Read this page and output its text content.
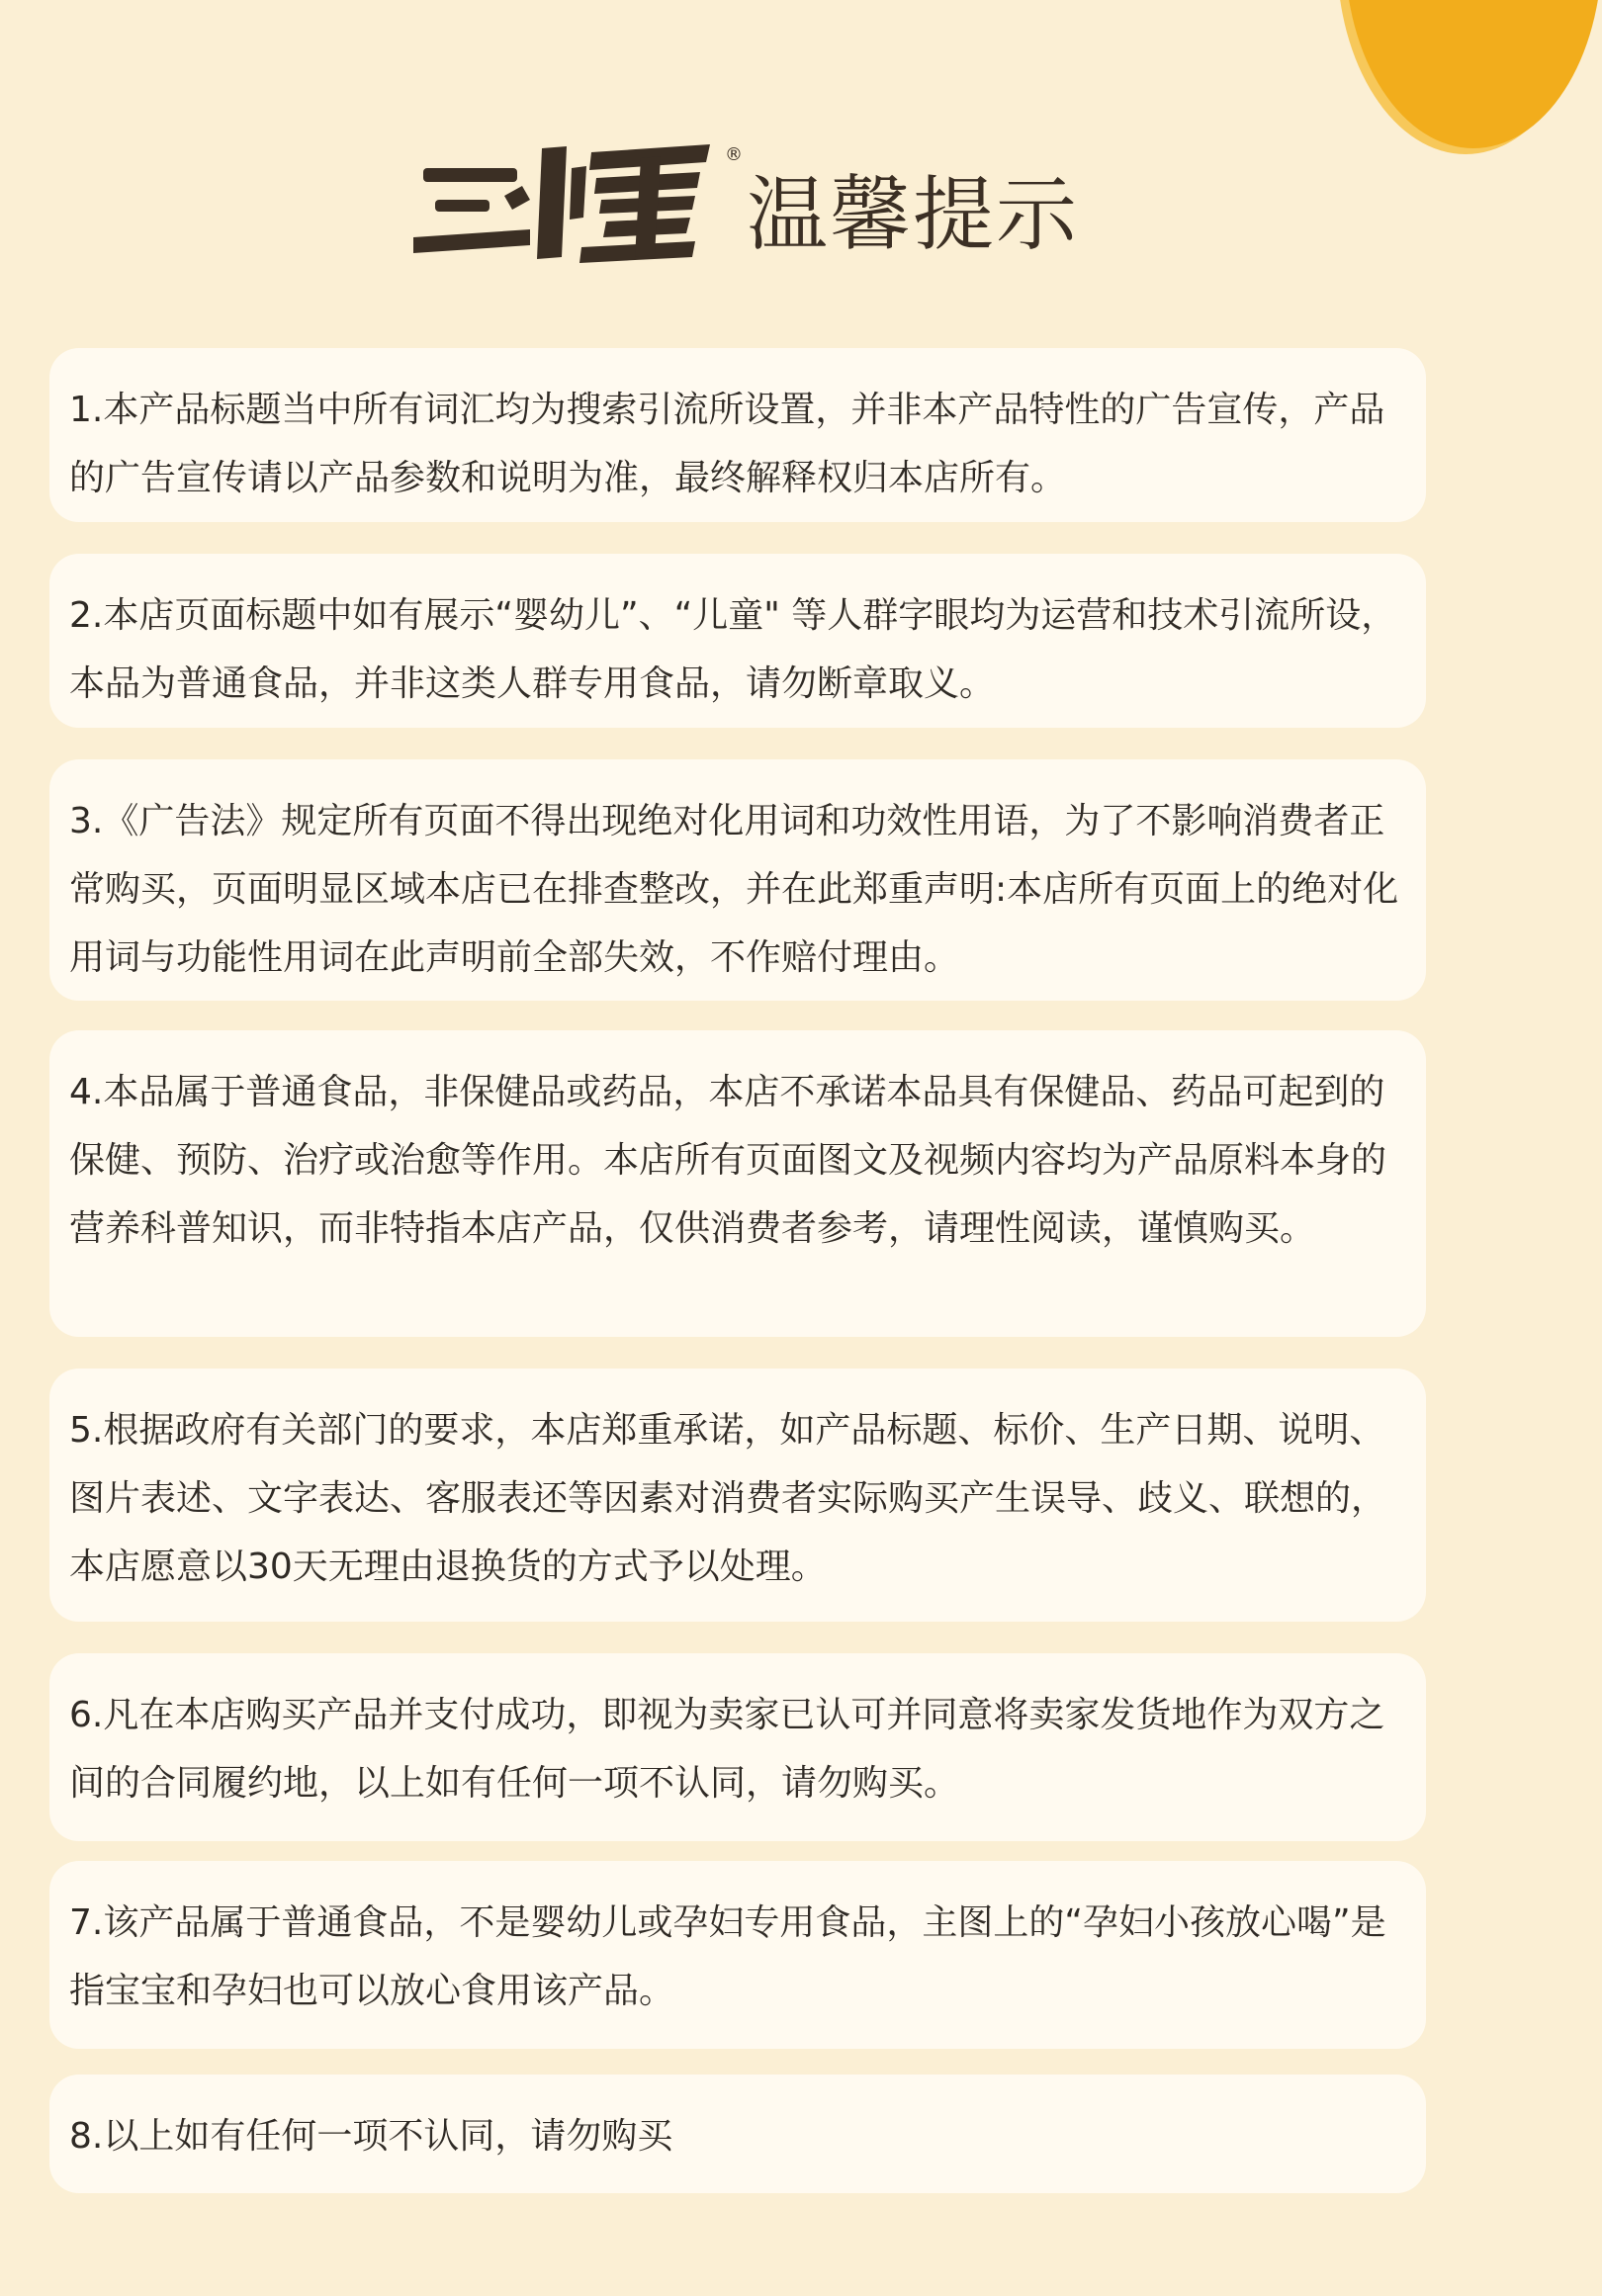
®
温馨提示

1.本产品标题当中所有词汇均为搜索引流所设置，并非本产品特性的广告宣传，产品的广告宣传请以产品参数和说明为准，最终解释权归本店所有。

2.本店页面标题中如有展示“婴幼儿”、“儿童" 等人群字眼均为运营和技术引流所设，本品为普通食品，并非这类人群专用食品，请勿断章取义。

3.《广告法》规定所有页面不得出现绝对化用词和功效性用语，为了不影响消费者正常购买，页面明显区域本店已在排查整改，并在此郑重声明:本店所有页面上的绝对化用词与功能性用词在此声明前全部失效，不作赔付理由。

4.本品属于普通食品，非保健品或药品，本店不承诺本品具有保健品、药品可起到的保健、预防、治疗或治愈等作用。本店所有页面图文及视频内容均为产品原料本身的营养科普知识，而非特指本店产品，仅供消费者参考，请理性阅读，谨慎购买。

5.根据政府有关部门的要求，本店郑重承诺，如产品标题、标价、生产日期、说明、图片表述、文字表达、客服表还等因素对消费者实际购买产生误导、歧义、联想的，本店愿意以30天无理由退换货的方式予以处理。

6.凡在本店购买产品并支付成功，即视为卖家已认可并同意将卖家发货地作为双方之间的合同履约地，以上如有任何一项不认同，请勿购买。

7.该产品属于普通食品，不是婴幼儿或孕妇专用食品，主图上的“孕妇小孩放心喝”是指宝宝和孕妇也可以放心食用该产品。

8.以上如有任何一项不认同，请勿购买
